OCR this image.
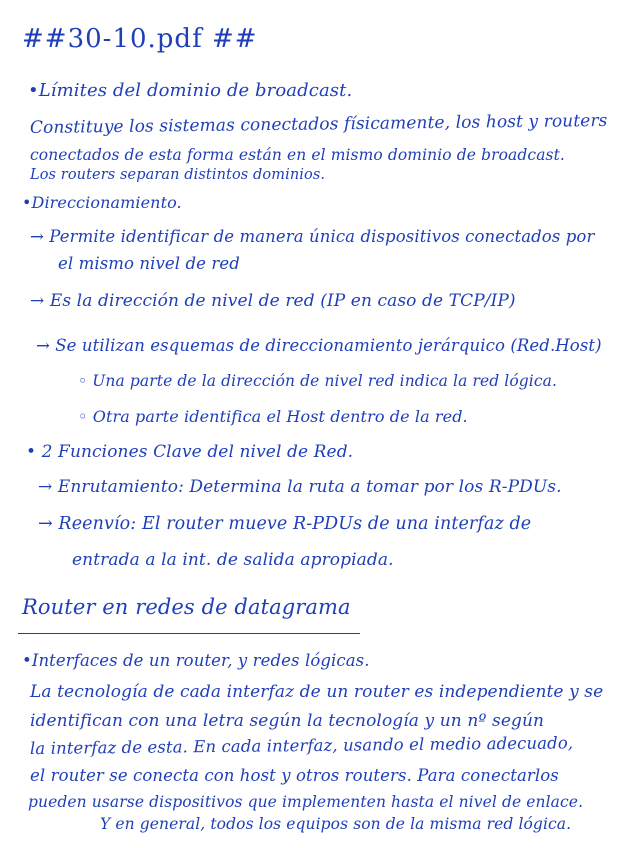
##30-10.pdf ##
•Límites del dominio de broadcast.
Constituye los sistemas conectados físicamente, los host y routers
conectados de esta forma están en el mismo dominio de broadcast.
Los routers separan distintos dominios.
•Direccionamiento.
→ Permite identificar de manera única dispositivos conectados por
el mismo nivel de red
→ Es la dirección de nivel de red (IP en caso de TCP/IP)
→ Se utilizan esquemas de direccionamiento jerárquico (Red.Host)
◦ Una parte de la dirección de nivel red indica la red lógica.
◦ Otra parte identifica el Host dentro de la red.
• 2 Funciones Clave del nivel de Red.
→ Enrutamiento: Determina la ruta a tomar por los R-PDUs.
→ Reenvío: El router mueve R-PDUs de una interfaz de
entrada a la int. de salida apropiada.
Router en redes de datagrama
•Interfaces de un router, y redes lógicas.
La tecnología de cada interfaz de un router es independiente y se
identifican con una letra según la tecnología y un nº según
la interfaz de esta. En cada interfaz, usando el medio adecuado,
el router se conecta con host y otros routers. Para conectarlos
pueden usarse dispositivos que implementen hasta el nivel de enlace.
Y en general, todos los equipos son de la misma red lógica.
